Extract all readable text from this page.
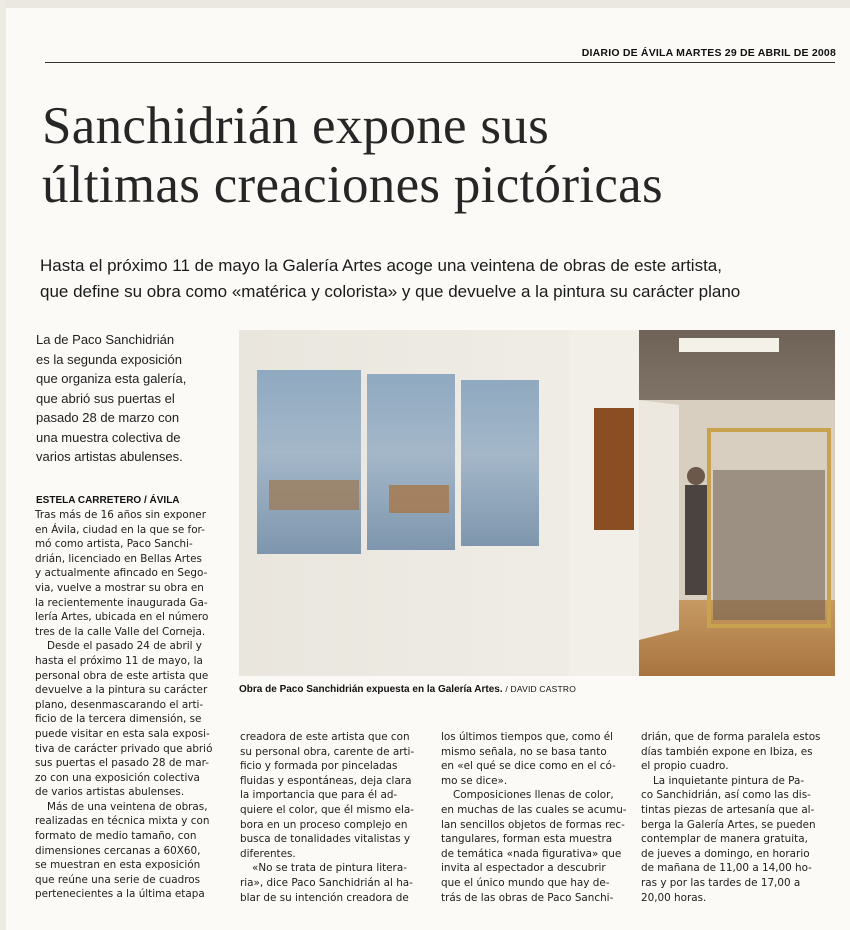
DIARIO DE ÁVILA MARTES 29 DE ABRIL DE 2008
Sanchidrián expone sus
últimas creaciones pictóricas
Hasta el próximo 11 de mayo la Galería Artes acoge una veintena de obras de este artista,
que define su obra como «matérica y colorista» y que devuelve a la pintura su carácter plano
La de Paco Sanchidrián
es la segunda exposición
que organiza esta galería,
que abrió sus puertas el
pasado 28 de marzo con
una muestra colectiva de
varios artistas abulenses.
ESTELA CARRETERO / ÁVILA
Tras más de 16 años sin exponer
en Ávila, ciudad en la que se for-
mó como artista, Paco Sanchi-
drián, licenciado en Bellas Artes
y actualmente afincado en Sego-
via, vuelve a mostrar su obra en
la recientemente inaugurada Ga-
lería Artes, ubicada en el número
tres de la calle Valle del Corneja.
Desde el pasado 24 de abril y
hasta el próximo 11 de mayo, la
personal obra de este artista que
devuelve a la pintura su carácter
plano, desenmascarando el arti-
ficio de la tercera dimensión, se
puede visitar en esta sala exposi-
tiva de carácter privado que abrió
sus puertas el pasado 28 de mar-
zo con una exposición colectiva
de varios artistas abulenses.
Más de una veintena de obras,
realizadas en técnica mixta y con
formato de medio tamaño, con
dimensiones cercanas a 60X60,
se muestran en esta exposición
que reúne una serie de cuadros
pertenecientes a la última etapa
creadora de este artista que con
su personal obra, carente de arti-
ficio y formada por pinceladas
fluidas y espontáneas, deja clara
la importancia que para él ad-
quiere el color, que él mismo ela-
bora en un proceso complejo en
busca de tonalidades vitalistas y
diferentes.
«No se trata de pintura litera-
ria», dice Paco Sanchidrián al ha-
blar de su intención creadora de
los últimos tiempos que, como él
mismo señala, no se basa tanto
en «el qué se dice como en el có-
mo se dice».
Composiciones llenas de color,
en muchas de las cuales se acumu-
lan sencillos objetos de formas rec-
tangulares, forman esta muestra
de temática «nada figurativa» que
invita al espectador a descubrir
que el único mundo que hay de-
trás de las obras de Paco Sanchi-
drián, que de forma paralela estos
días también expone en Ibiza, es
el propio cuadro.
La inquietante pintura de Pa-
co Sanchidrián, así como las dis-
tintas piezas de artesanía que al-
berga la Galería Artes, se pueden
contemplar de manera gratuita,
de jueves a domingo, en horario
de mañana de 11,00 a 14,00 ho-
ras y por las tardes de 17,00 a
20,00 horas.
Obra de Paco Sanchidrián expuesta en la Galería Artes. / DAVID CASTRO
